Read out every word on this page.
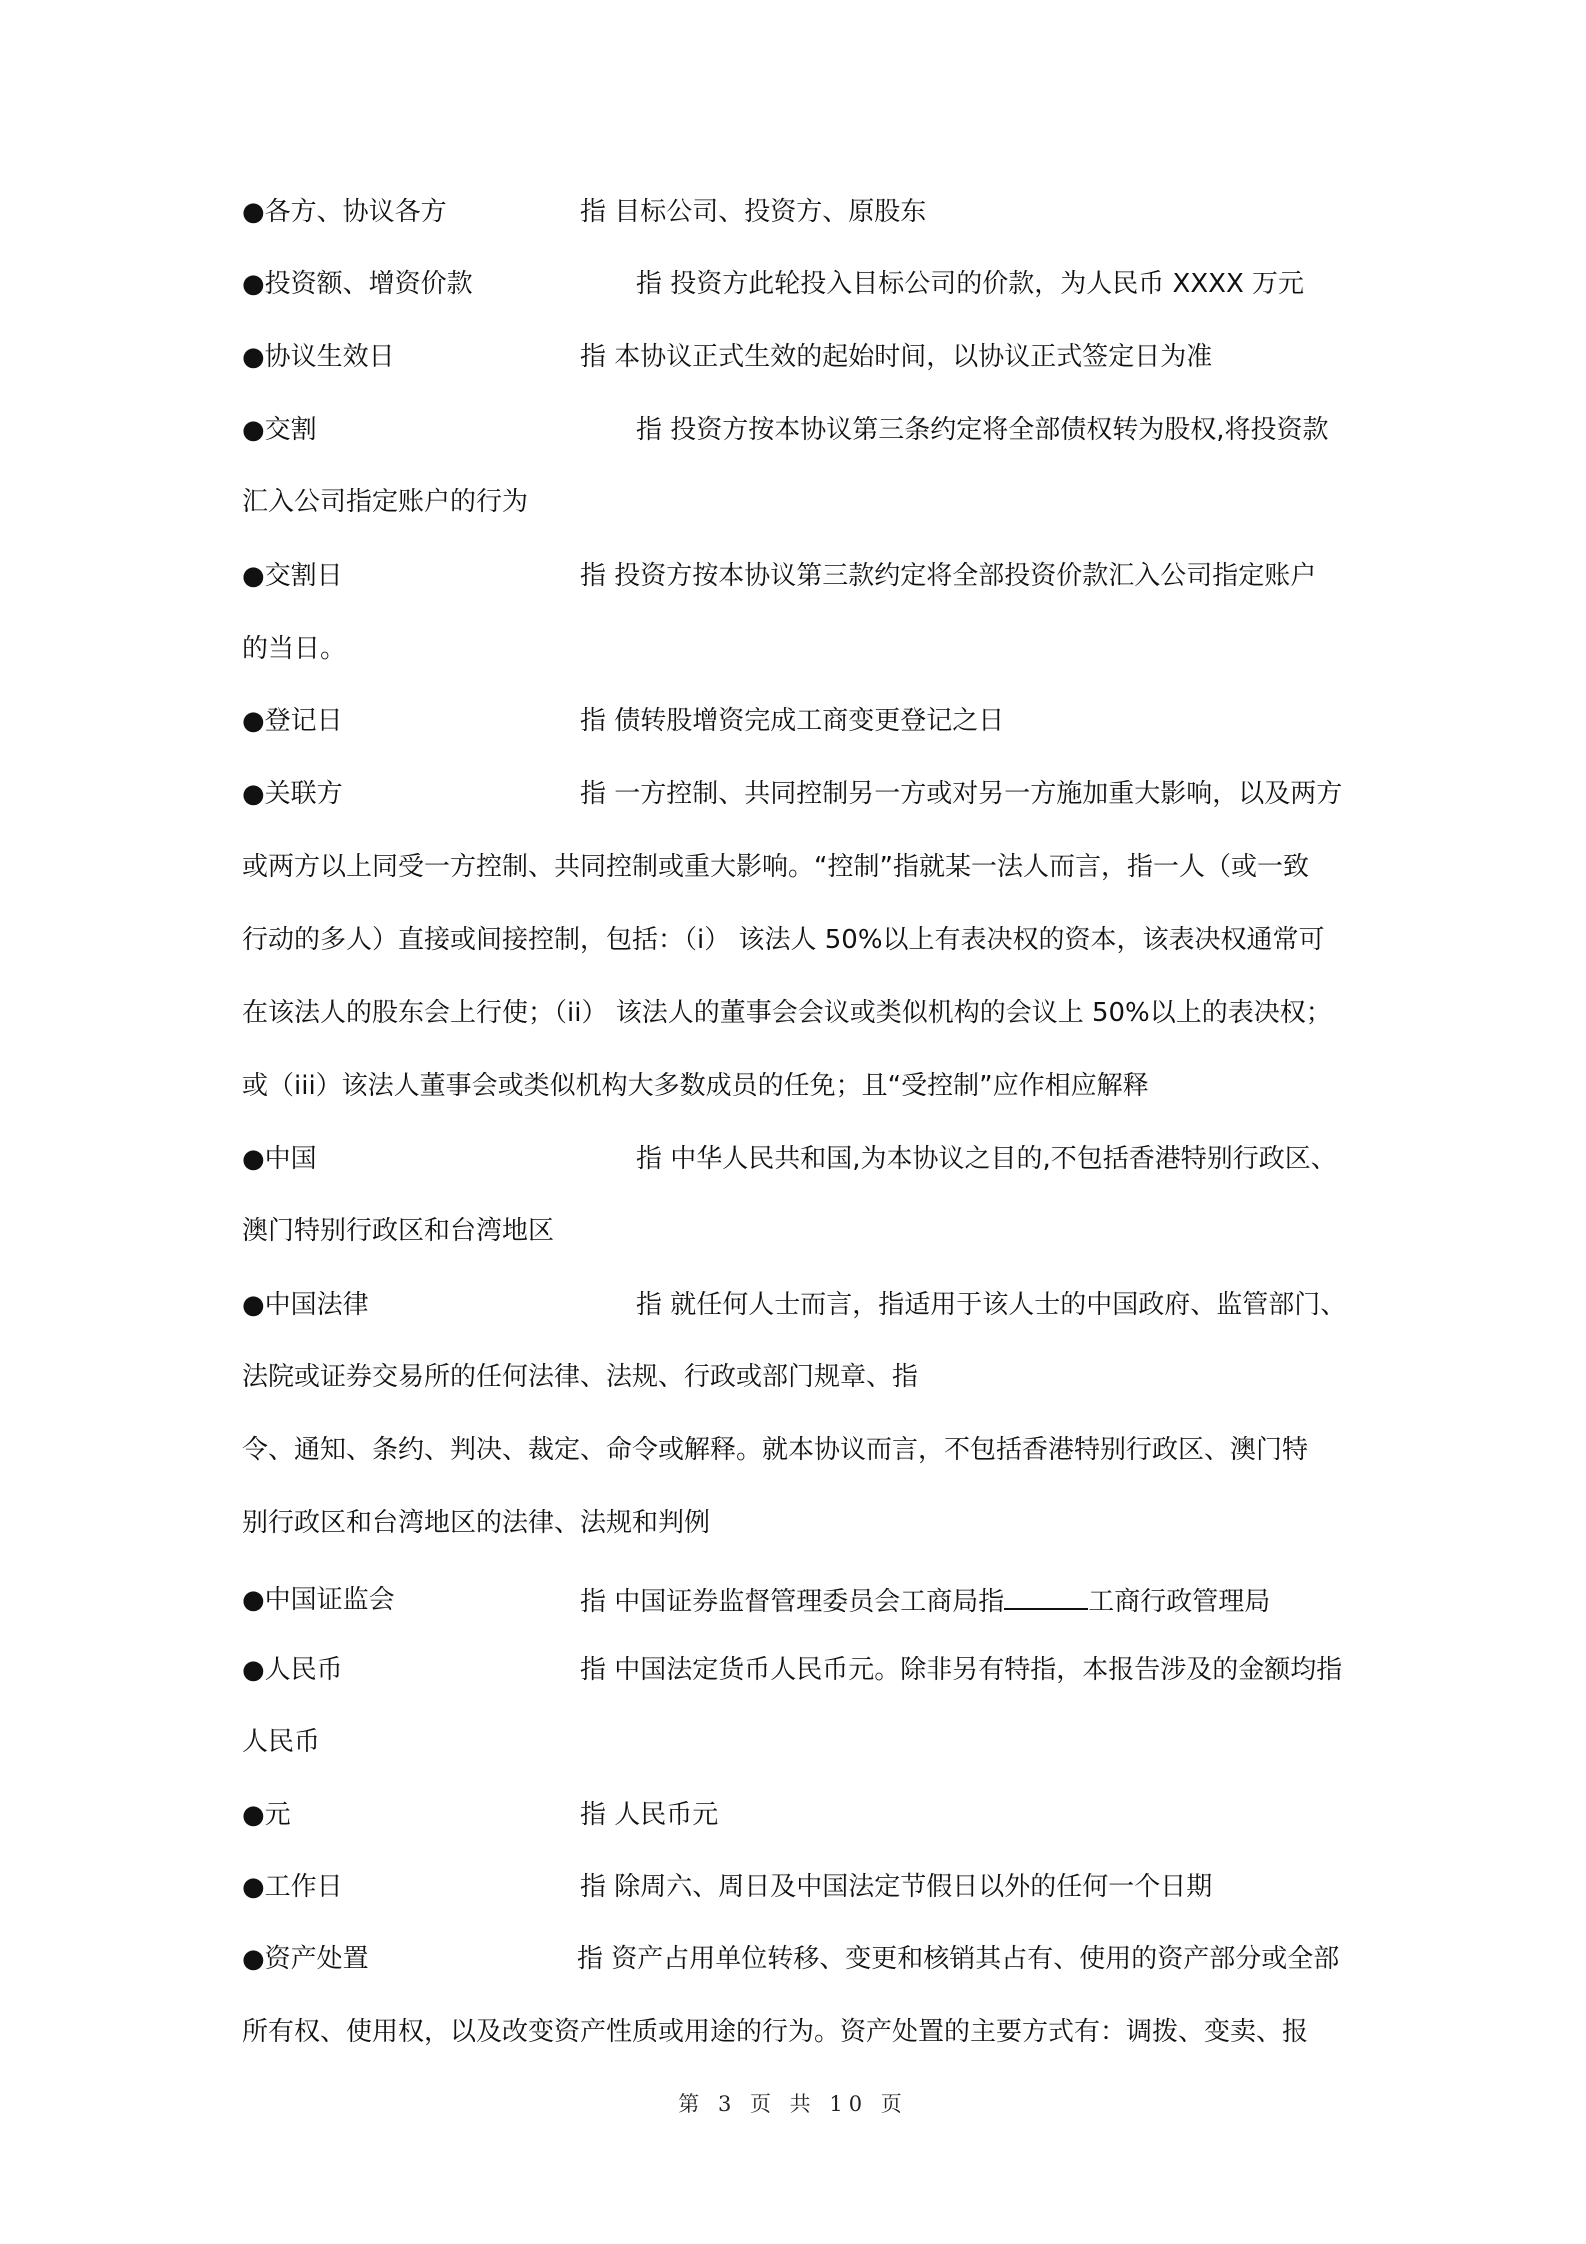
●各方、协议各方	指 目标公司、投资方、原股东
●投资额、增资价款	指 投资方此轮投入目标公司的价款，为人民币 XXXX 万元
●协议生效日	指 本协议正式生效的起始时间，以协议正式签定日为准
●交割	指 投资方按本协议第三条约定将全部债权转为股权,将投资款
汇入公司指定账户的行为
●交割日	指 投资方按本协议第三款约定将全部投资价款汇入公司指定账户
的当日。
●登记日	指 债转股增资完成工商变更登记之日
●关联方	指 一方控制、共同控制另一方或对另一方施加重大影响，以及两方
或两方以上同受一方控制、共同控制或重大影响。“控制”指就某一法人而言，指一人（或一致
行动的多人）直接或间接控制，包括：（i） 该法人 50%以上有表决权的资本，该表决权通常可
在该法人的股东会上行使；（ii） 该法人的董事会会议或类似机构的会议上 50%以上的表决权；
或（iii）该法人董事会或类似机构大多数成员的任免；且“受控制”应作相应解释
●中国	指 中华人民共和国,为本协议之目的,不包括香港特别行政区、
澳门特别行政区和台湾地区
●中国法律	指 就任何人士而言，指适用于该人士的中国政府、监管部门、
法院或证券交易所的任何法律、法规、行政或部门规章、指
令、通知、条约、判决、裁定、命令或解释。就本协议而言，不包括香港特别行政区、澳门特
别行政区和台湾地区的法律、法规和判例
●中国证监会	指 中国证券监督管理委员会工商局指	工商行政管理局
●人民币	指 中国法定货币人民币元。除非另有特指，本报告涉及的金额均指
人民币
●元	指 人民币元
●工作日	指 除周六、周日及中国法定节假日以外的任何一个日期
●资产处置	指 资产占用单位转移、变更和核销其占有、使用的资产部分或全部
所有权、使用权，以及改变资产性质或用途的行为。资产处置的主要方式有：调拨、变卖、报
第 3 页 共 10 页
